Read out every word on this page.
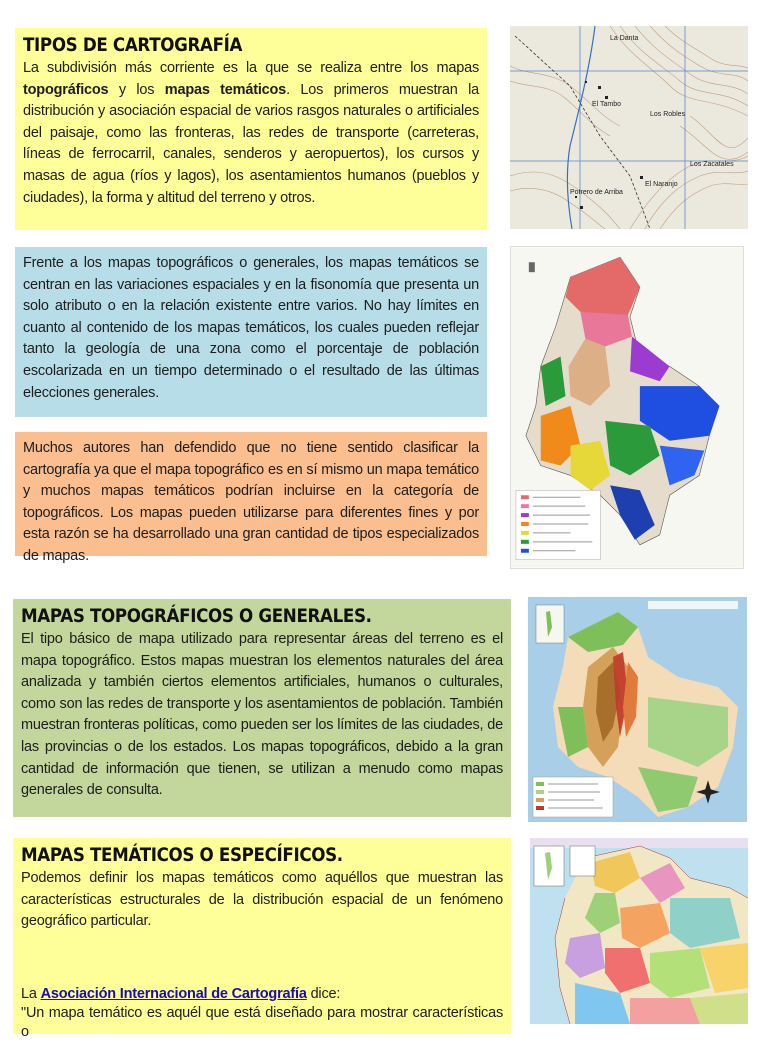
TIPOS DE CARTOGRAFÍA

La subdivisión más corriente es la que se realiza entre los mapas topográficos y los mapas temáticos. Los primeros muestran la distribución y asociación espacial de varios rasgos naturales o artificiales del paisaje, como las fronteras, las redes de transporte (carreteras, líneas de ferrocarril, canales, senderos y aeropuertos), los cursos y masas de agua (ríos y lagos), los asentamientos humanos (pueblos y ciudades), la forma y altitud del terreno y otros.

La Danta
El Tambo
Los Robles
Los Zacatales
El Naranjo
Potrero de Arriba

Frente a los mapas topográficos o generales, los mapas temáticos se centran en las variaciones espaciales y en la fisonomía que presenta un solo atributo o en la relación existente entre varios. No hay límites en cuanto al contenido de los mapas temáticos, los cuales pueden reflejar tanto la geología de una zona como el porcentaje de población escolarizada en un tiempo determinado o el resultado de las últimas elecciones generales.

Muchos autores han defendido que no tiene sentido clasificar la cartografía ya que el mapa topográfico es en sí mismo un mapa temático y muchos mapas temáticos podrían incluirse en la categoría de topográficos. Los mapas pueden utilizarse para diferentes fines y por esta razón se ha desarrollado una gran cantidad de tipos especializados de mapas.

MAPAS TOPOGRÁFICOS O GENERALES.

El tipo básico de mapa utilizado para representar áreas del terreno es el mapa topográfico. Estos mapas muestran los elementos naturales del área analizada y también ciertos elementos artificiales, humanos o culturales, como son las redes de transporte y los asentamientos de población. También muestran fronteras políticas, como pueden ser los límites de las ciudades, de las provincias o de los estados. Los mapas topográficos, debido a la gran cantidad de información que tienen, se utilizan a menudo como mapas generales de consulta.

MAPAS TEMÁTICOS O ESPECÍFICOS.

Podemos definir los mapas temáticos como aquéllos que muestran las características estructurales de la distribución espacial de un fenómeno geográfico particular.

La Asociación Internacional de Cartografía dice:

"Un mapa temático es aquél que está diseñado para mostrar características o
